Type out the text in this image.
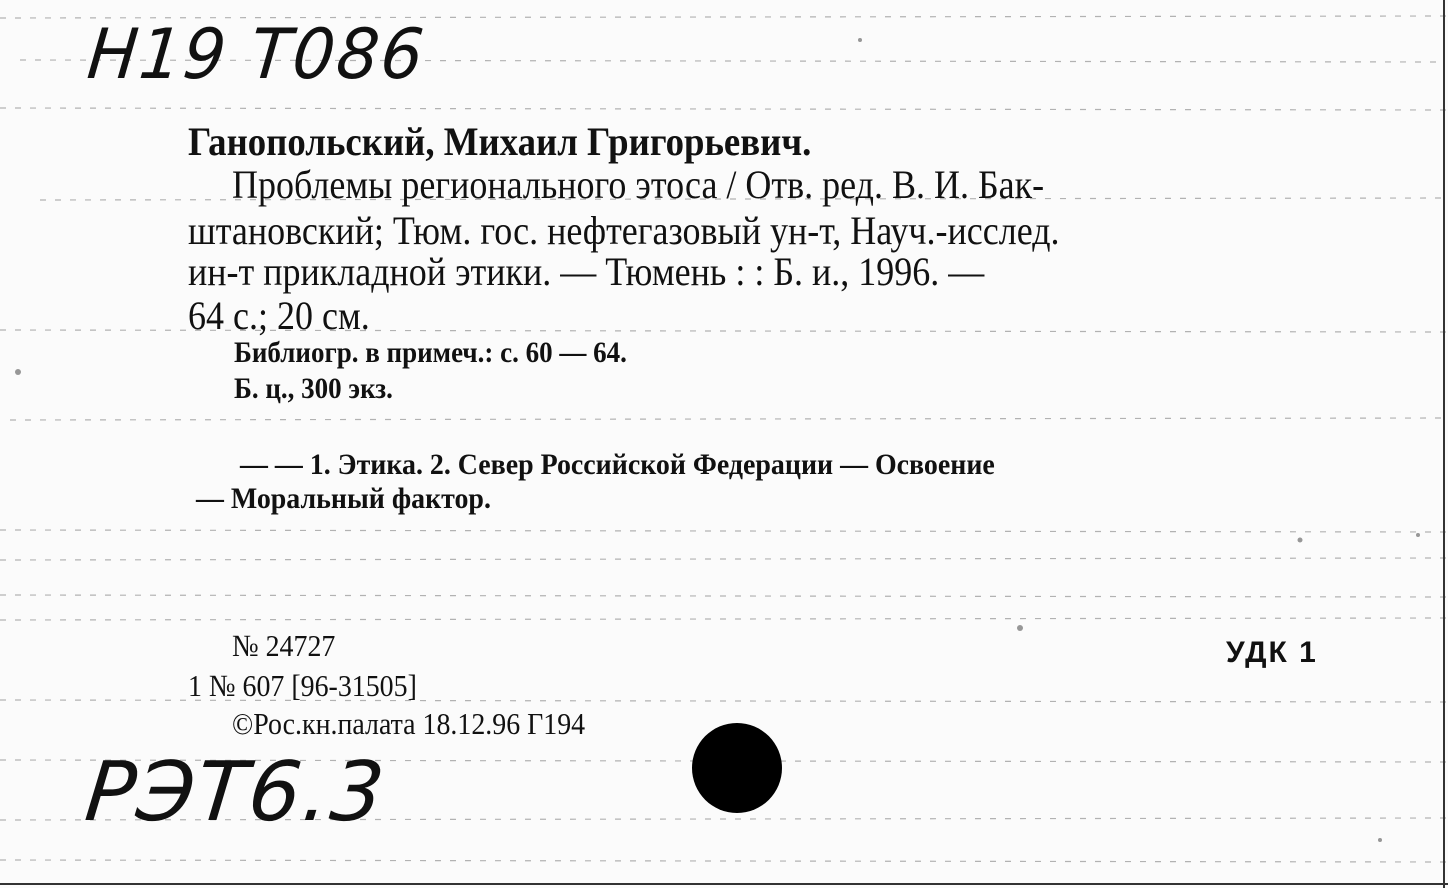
Н19 Т086
Ганопольский, Михаил Григорьевич.
Проблемы регионального этоса / Отв. ред. В. И. Бак-
штановский; Тюм. гос. нефтегазовый ун-т, Науч.-исслед.
ин-т прикладной этики. — Тюмень : : Б. и., 1996. —
64 с.; 20 см.
Библиогр. в примеч.: с. 60 — 64.
Б. ц., 300 экз.
— — 1. Этика. 2. Север Российской Федерации — Освоение
— Моральный фактор.
№ 24727
1 № 607 [96-31505]
©Рос.кн.палата 18.12.96 Г194
УДК 1
РЭТ6.3
